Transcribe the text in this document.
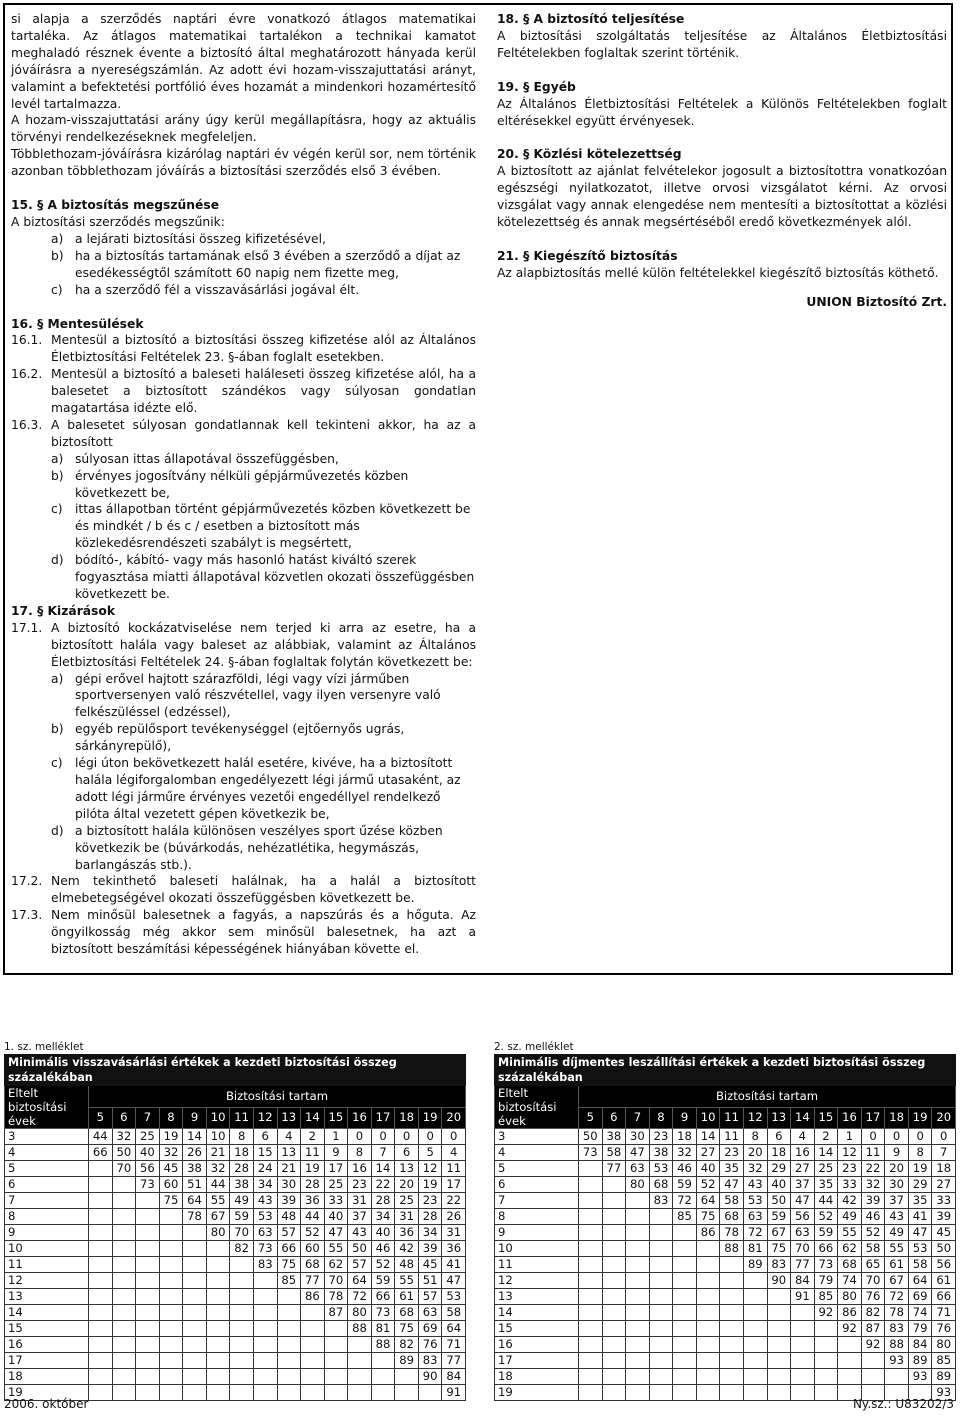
si alapja a szerződés naptári évre vonatkozó átlagos matematikai tartaléka. Az átlagos matematikai tartalékon a technikai kamatot meghaladó résznek évente a biztosító által meghatározott hányada kerül jóváírásra a nyereségszámlán. Az adott évi hozam-visszajuttatási arányt, valamint a befektetési portfólió éves hozamát a mindenkori hozamértesítő levél tartalmazza.

A hozam-visszajuttatási arány úgy kerül megállapításra, hogy az aktuális törvényi rendelkezéseknek megfeleljen.

Többlethozam-jóváírásra kizárólag naptári év végén kerül sor, nem történik azonban többlethozam jóváírás a biztosítási szerződés első 3 évében.

15. § A biztosítás megszűnése

A biztosítási szerződés megszűnik:

a) a lejárati biztosítási összeg kifizetésével,
b) ha a biztosítás tartamának első 3 évében a szerződő a díjat az esedékességtől számított 60 napig nem fizette meg,
c)	ha a szerződő fél a visszavásárlási jogával élt.

16. § Mentesülések

16.1. Mentesül a biztosító a biztosítási összeg kifizetése alól az Általános Életbiztosítási Feltételek 23. §-ában foglalt esetekben.
16.2. Mentesül a biztosító a baleseti haláleseti összeg kifizetése alól, ha a balesetet a biztosított szándékos vagy súlyosan gondatlan magatartása idézte elő.
16.3. A balesetet súlyosan gondatlannak kell tekinteni akkor, ha az a biztosított
a) súlyosan ittas állapotával összefüggésben,
b) érvényes jogosítvány nélküli gépjárművezetés közben következett be,
c)	ittas állapotban történt gépjárművezetés közben következett be és mindkét / b és c / esetben a biztosított más közlekedésrendészeti szabályt is megsértett,
d) bódító-, kábító- vagy más hasonló hatást kiváltó szerek fogyasztása miatti állapotával közvetlen okozati összefüggésben következett be.

17. § Kizárások

17.1. A biztosító kockázatviselése nem terjed ki arra az esetre, ha a biztosított halála vagy baleset az alábbiak, valamint az Általános Életbiztosítási Feltételek 24. §-ában foglaltak folytán következett be:
a) gépi erővel hajtott szárazföldi, légi vagy vízi járműben sportversenyen való részvétellel, vagy ilyen versenyre való felkészüléssel (edzéssel),
b) egyéb repülősport tevékenységgel (ejtőernyős ugrás, sárkányrepülő),
c)	légi úton bekövetkezett halál esetére, kivéve, ha a biztosított halála légiforgalomban engedélyezett légi jármű utasaként, az adott légi járműre érvényes vezetői engedéllyel rendelkező pilóta által vezetett gépen következik be,
d) a biztosított halála különösen veszélyes sport űzése közben következik be (búvárkodás, nehézatlétika, hegymászás, barlangászás stb.).
17.2. Nem tekinthető baleseti halálnak, ha a halál a biztosított elmebetegségével okozati összefüggésben következett be.
17.3. Nem minősül balesetnek a fagyás, a napszúrás és a hőguta. Az öngyilkosság még akkor sem minősül balesetnek, ha azt a biztosított beszámítási képességének hiányában követte el.

18. § A biztosító teljesítése

A biztosítási szolgáltatás teljesítése az Általános Életbiztosítási Feltételekben foglaltak szerint történik.

19. § Egyéb

Az Általános Életbiztosítási Feltételek a Különös Feltételekben foglalt eltérésekkel együtt érvényesek.

20. § Közlési kötelezettség

A biztosított az ajánlat felvételekor jogosult a biztosítottra vonatkozóan egészségi nyilatkozatot, illetve orvosi vizsgálatot kérni. Az orvosi vizsgálat vagy annak elengedése nem mentesíti a biztosítottat a közlési kötelezettség és annak megsértéséből eredő következmények alól.

21. § Kiegészítő biztosítás

Az alapbiztosítás mellé külön feltételekkel kiegészítő biztosítás köthető.

UNION Biztosító Zrt.

1. sz. melléklet
Minimális visszavásárlási értékek a kezdeti biztosítási összeg százalékában																
Eltelt biztosítási évek	Biztosítási tartam															
	5	6	7	8	9	10	11	12	13	14	15	16	17	18	19	20
3	44	32	25	19	14	10	8	6	4	2	1	0	0	0	0	0
4	66	50	40	32	26	21	18	15	13	11	9	8	7	6	5	4
5		70	56	45	38	32	28	24	21	19	17	16	14	13	12	11
6			73	60	51	44	38	34	30	28	25	23	22	20	19	17
7				75	64	55	49	43	39	36	33	31	28	25	23	22
8					78	67	59	53	48	44	40	37	34	31	28	26
9						80	70	63	57	52	47	43	40	36	34	31
10							82	73	66	60	55	50	46	42	39	36
11								83	75	68	62	57	52	48	45	41
12									85	77	70	64	59	55	51	47
13										86	78	72	66	61	57	53
14											87	80	73	68	63	58
15												88	81	75	69	64
16													88	82	76	71
17														89	83	77
18															90	84
19																91
2. sz. melléklet
Minimális díjmentes leszállítási értékek a kezdeti biztosítási összeg százalékában																
Eltelt biztosítási évek	Biztosítási tartam															
	5	6	7	8	9	10	11	12	13	14	15	16	17	18	19	20
3	50	38	30	23	18	14	11	8	6	4	2	1	0	0	0	0
4	73	58	47	38	32	27	23	20	18	16	14	12	11	9	8	7
5		77	63	53	46	40	35	32	29	27	25	23	22	20	19	18
6			80	68	59	52	47	43	40	37	35	33	32	30	29	27
7				83	72	64	58	53	50	47	44	42	39	37	35	33
8					85	75	68	63	59	56	52	49	46	43	41	39
9						86	78	72	67	63	59	55	52	49	47	45
10							88	81	75	70	66	62	58	55	53	50
11								89	83	77	73	68	65	61	58	56
12									90	84	79	74	70	67	64	61
13										91	85	80	76	72	69	66
14											92	86	82	78	74	71
15												92	87	83	79	76
16													92	88	84	80
17														93	89	85
18															93	89
19																93
2006. október	Ny.sz.: U83202/3
